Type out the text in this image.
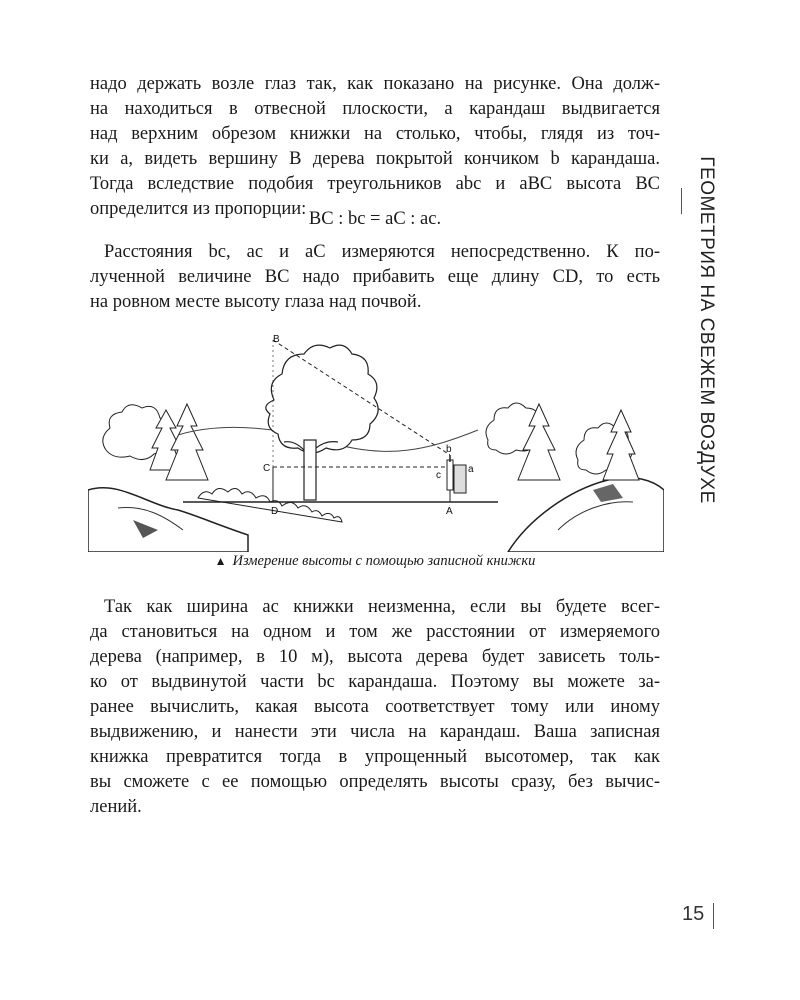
надо держать возле глаз так, как показано на рисунке. Она долж-
на находиться в отвесной плоскости, а карандаш выдвигается
над верхним обрезом книжки на столько, чтобы, глядя из точ-
ки a, видеть вершину B дерева покрытой кончиком b карандаша.
Тогда вследствие подобия треугольников abc и aBC высота BC
определится из пропорции: BC : bc = aC : ac.

Расстояния bc, ac и aC измеряются непосредственно. К по-
лученной величине BC надо прибавить еще длину CD, то есть
на ровном месте высоту глаза над почвой.

B
b
C
c
a
D	A
▲ Измерение высоты с помощью записной книжки

Так как ширина ас книжки неизменна, если вы будете всег-
да становиться на одном и том же расстоянии от измеряемого
дерева (например, в 10 м), высота дерева будет зависеть толь-
ко от выдвинутой части bc карандаша. Поэтому вы можете за-
ранее вычислить, какая высота соответствует тому или иному
выдвижению, и нанести эти числа на карандаш. Ваша записная
книжка превратится тогда в упрощенный высотомер, так как
вы сможете с ее помощью определять высоты сразу, без вычис-
лений.

ГЕОМЕТРИЯ НА СВЕЖЕМ ВОЗДУХЕ
15
